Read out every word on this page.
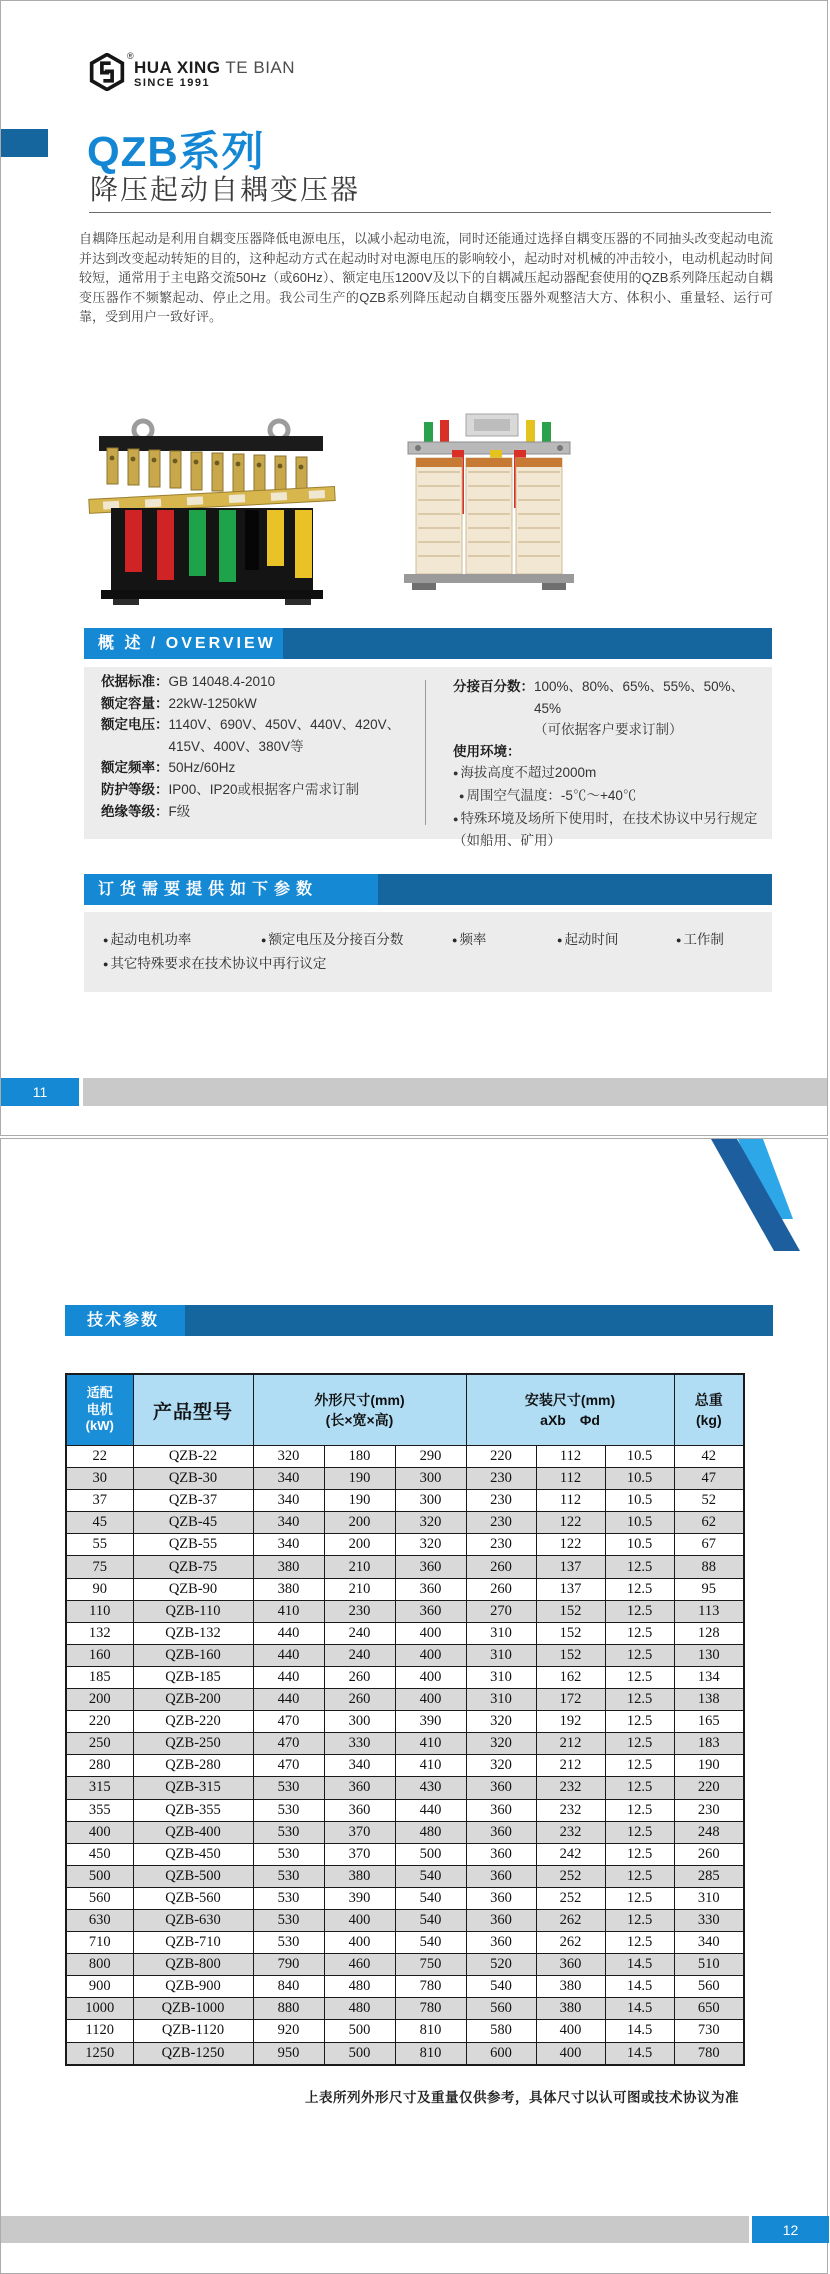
®
HUA XING TE BIAN
SINCE 1991
QZB系列
降压起动自耦变压器
自耦降压起动是利用自耦变压器降低电源电压，以减小起动电流，同时还能通过选择自耦变压器的不同抽头改变起动电流并达到改变起动转矩的目的，这种起动方式在起动时对电源电压的影响较小，起动时对机械的冲击较小，电动机起动时间较短，通常用于主电路交流50Hz（或60Hz）、额定电压1200V及以下的自耦减压起动器配套使用的QZB系列降压起动自耦变压器作不频繁起动、停止之用。我公司生产的QZB系列降压起动自耦变压器外观整洁大方、体积小、重量轻、运行可靠，受到用户一致好评。
概 述 / OVERVIEW
依据标准： GB 14048.4-2010
额定容量： 22kW-1250kW
额定电压： 1140V、690V、450V、440V、420V、415V、400V、380V等
额定频率： 50Hz/60Hz
防护等级： IP00、IP20或根据客户需求订制
绝缘等级： F级
分接百分数： 100%、80%、65%、55%、50%、45%
（可依据客户要求订制）
使用环境：
● 海拔高度不超过2000m
● 周围空气温度：-5℃～+40℃
● 特殊环境及场所下使用时，在技术协议中另行规定
（如船用、矿用）
订货需要提供如下参数
● 起动电机功率	● 额定电压及分接百分数	● 频率	● 起动时间	● 工作制
● 其它特殊要求在技术协议中再行议定
11
技术参数
适配
电机
(kW)
	产品型号	
外形尺寸(mm)
(长×宽×高)

安装尺寸(mm)
aXb　Φd

总重
(kg)

22	QZB-22	320	180	290	220	112	10.5	42
30	QZB-30	340	190	300	230	112	10.5	47
37	QZB-37	340	190	300	230	112	10.5	52
45	QZB-45	340	200	320	230	122	10.5	62
55	QZB-55	340	200	320	230	122	10.5	67
75	QZB-75	380	210	360	260	137	12.5	88
90	QZB-90	380	210	360	260	137	12.5	95
110	QZB-110	410	230	360	270	152	12.5	113
132	QZB-132	440	240	400	310	152	12.5	128
160	QZB-160	440	240	400	310	152	12.5	130
185	QZB-185	440	260	400	310	162	12.5	134
200	QZB-200	440	260	400	310	172	12.5	138
220	QZB-220	470	300	390	320	192	12.5	165
250	QZB-250	470	330	410	320	212	12.5	183
280	QZB-280	470	340	410	320	212	12.5	190
315	QZB-315	530	360	430	360	232	12.5	220
355	QZB-355	530	360	440	360	232	12.5	230
400	QZB-400	530	370	480	360	232	12.5	248
450	QZB-450	530	370	500	360	242	12.5	260
500	QZB-500	530	380	540	360	252	12.5	285
560	QZB-560	530	390	540	360	252	12.5	310
630	QZB-630	530	400	540	360	262	12.5	330
710	QZB-710	530	400	540	360	262	12.5	340
800	QZB-800	790	460	750	520	360	14.5	510
900	QZB-900	840	480	780	540	380	14.5	560
1000	QZB-1000	880	480	780	560	380	14.5	650
1120	QZB-1120	920	500	810	580	400	14.5	730
1250	QZB-1250	950	500	810	600	400	14.5	780
上表所列外形尺寸及重量仅供参考，具体尺寸以认可图或技术协议为准
12
